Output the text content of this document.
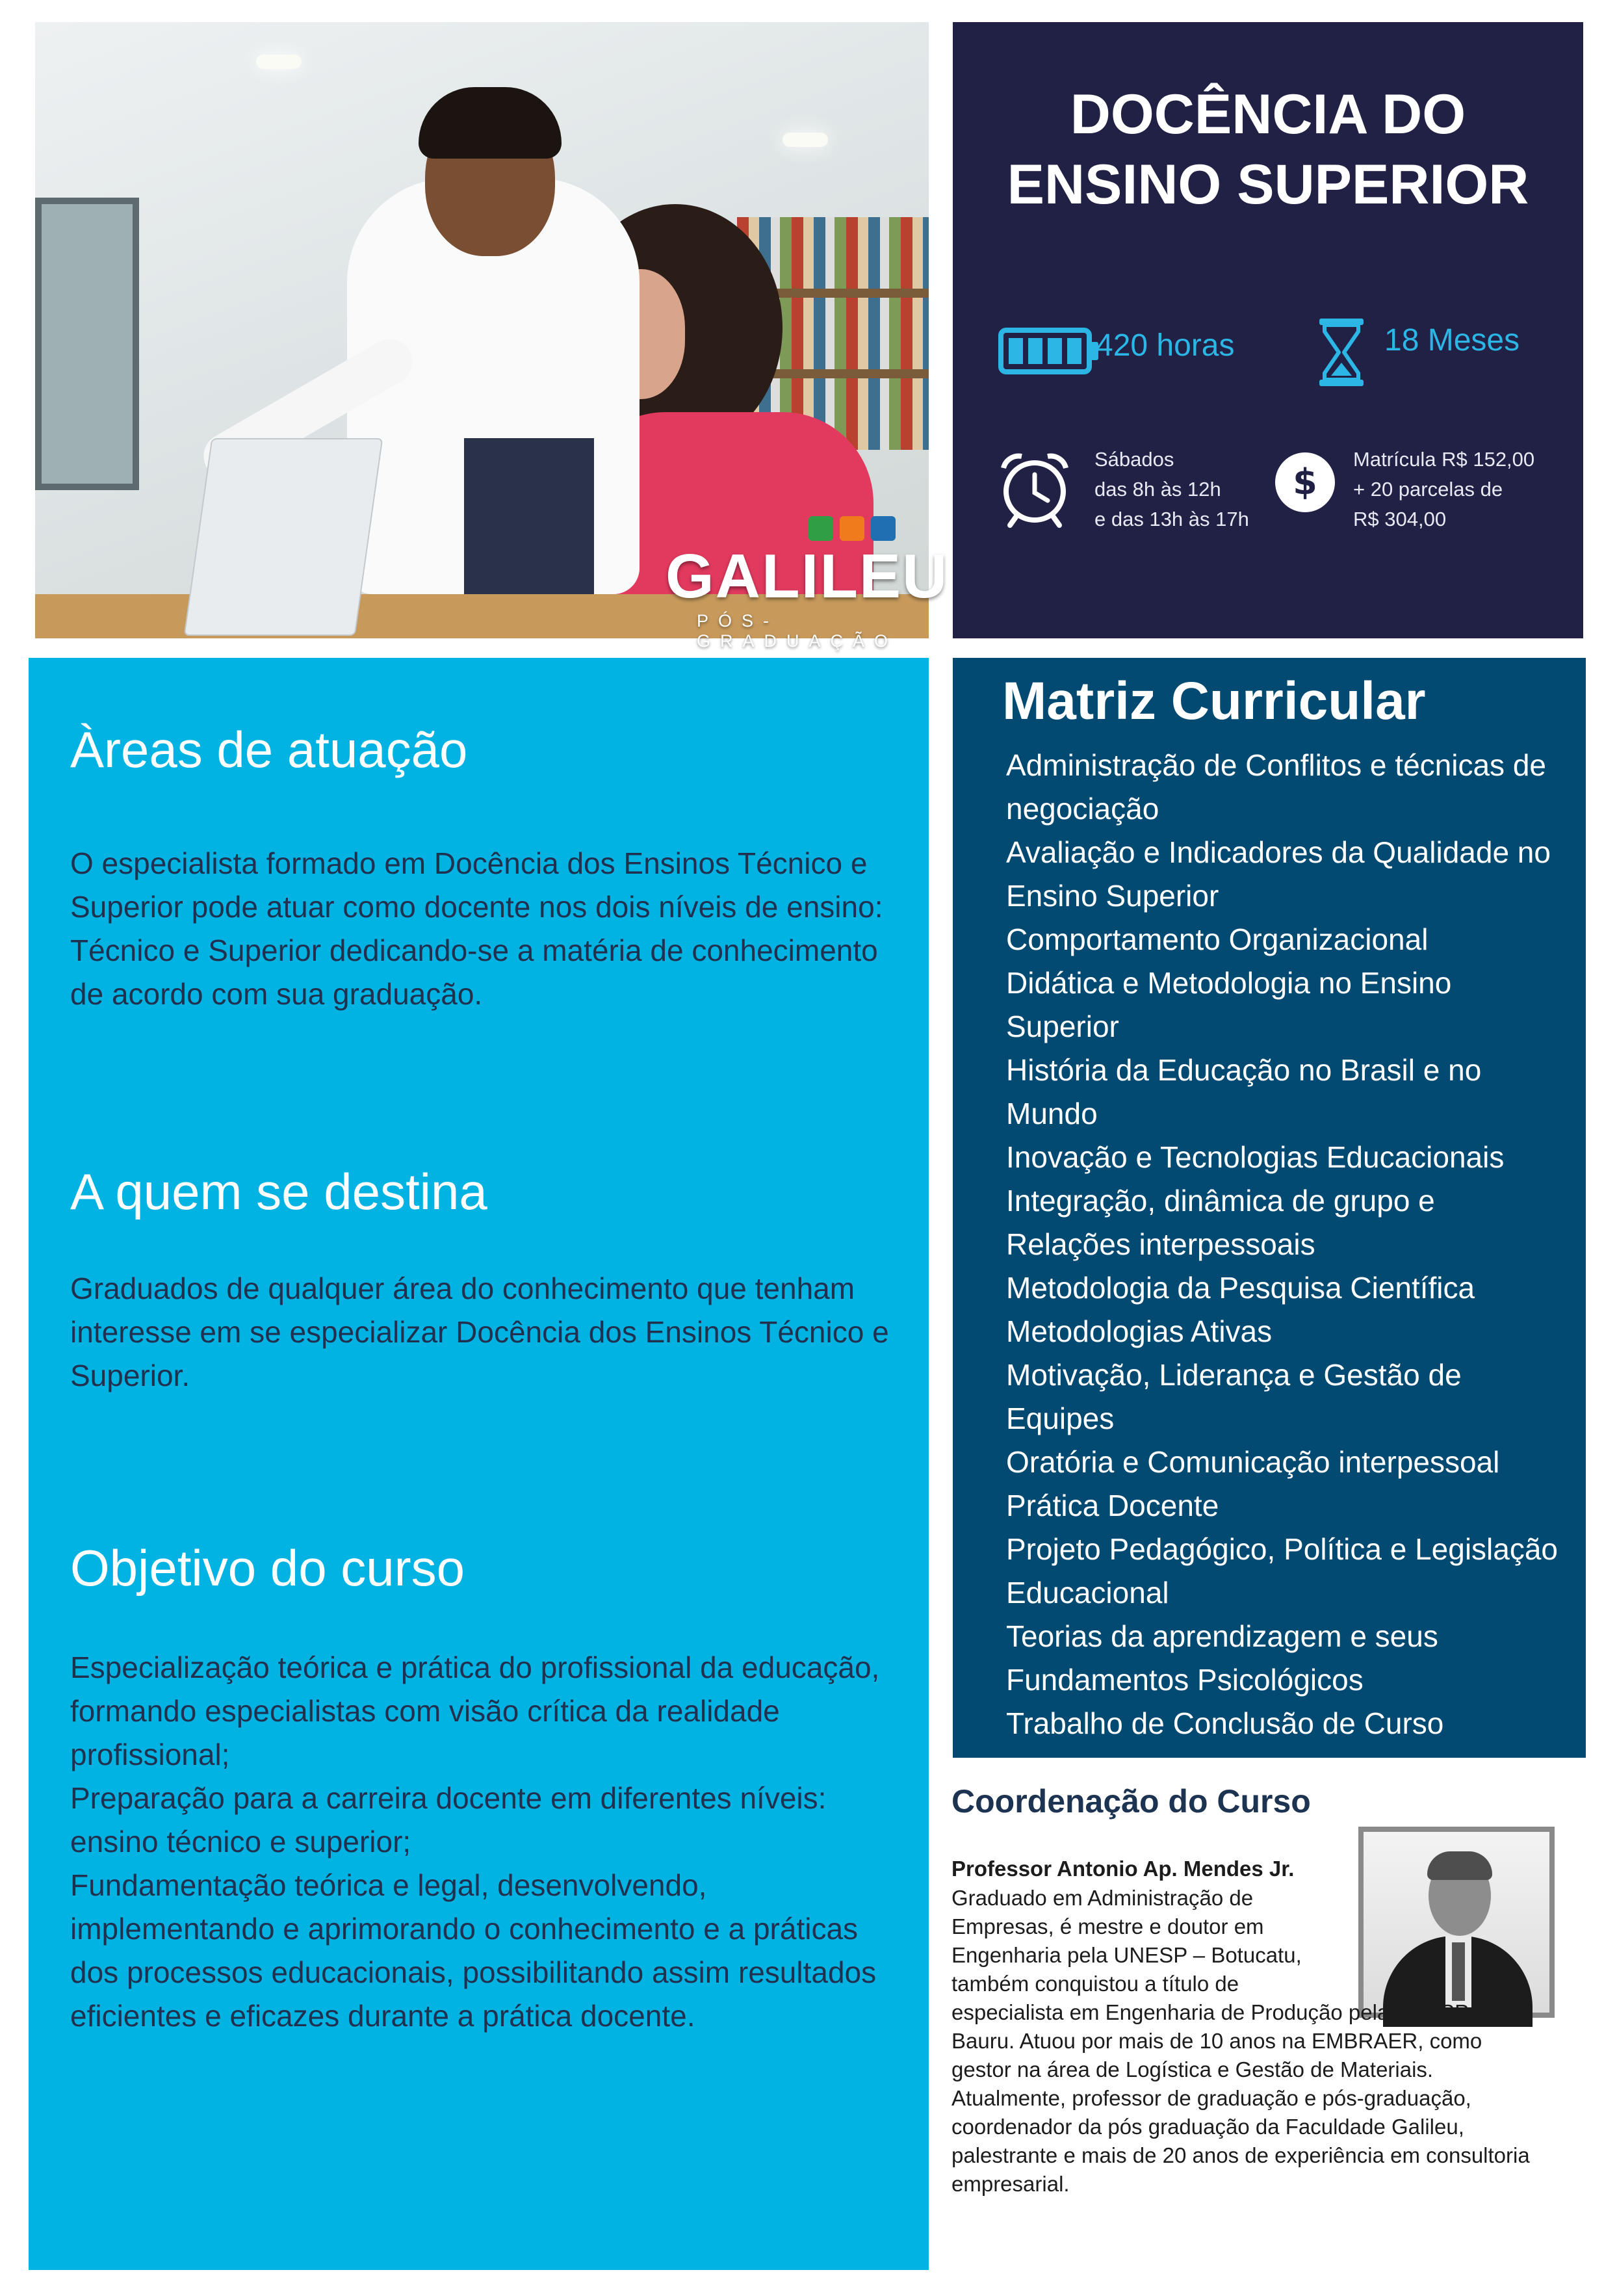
GALILEU
PÓS-GRADUAÇÃO
DOCÊNCIA DO
ENSINO SUPERIOR
420 horas	18 Meses
Sábados
das 8h às 12h
e das 13h às 17h
$
Matrícula R$ 152,00
+ 20 parcelas de
R$ 304,00
Àreas de atuação
O especialista formado em Docência dos Ensinos Técnico e Superior pode atuar como docente nos dois níveis de ensino: Técnico e Superior dedicando-se a matéria de conhecimento de acordo com sua graduação.
A quem se destina
Graduados de qualquer área do conhecimento que tenham interesse em se especializar Docência dos Ensinos Técnico e Superior.
Objetivo do curso

Especialização teórica e prática do profissional da educação, formando especialistas com visão crítica da realidade profissional;

Preparação para a carreira docente em diferentes níveis: ensino técnico e superior;

Fundamentação teórica e legal, desenvolvendo, implementando e aprimorando o conhecimento e a práticas dos processos educacionais, possibilitando assim resultados eficientes e eficazes durante a prática docente.

Matriz Curricular
Administração de Conflitos e técnicas de negociação
Avaliação e Indicadores da Qualidade no Ensino Superior
Comportamento Organizacional
Didática e Metodologia no Ensino Superior
História da Educação no Brasil e no Mundo
Inovação e Tecnologias Educacionais
Integração, dinâmica de grupo e Relações interpessoais
Metodologia da Pesquisa Científica
Metodologias Ativas
Motivação, Liderança e Gestão de Equipes
Oratória e Comunicação interpessoal
Prática Docente
Projeto Pedagógico, Política e Legislação Educacional
Teorias da aprendizagem e seus Fundamentos Psicológicos
Trabalho de Conclusão de Curso
Coordenação do Curso
Professor Antonio Ap. Mendes Jr.
Graduado em Administração de
Empresas, é mestre e doutor em
Engenharia pela UNESP – Botucatu,
também conquistou a título de
especialista em Engenharia de Produção pela UNESP -
Bauru. Atuou por mais de 10 anos na EMBRAER, como
gestor na área de Logística e Gestão de Materiais.
Atualmente, professor de graduação e pós-graduação,
coordenador da pós graduação da Faculdade Galileu,
palestrante e mais de 20 anos de experiência em consultoria
empresarial.
